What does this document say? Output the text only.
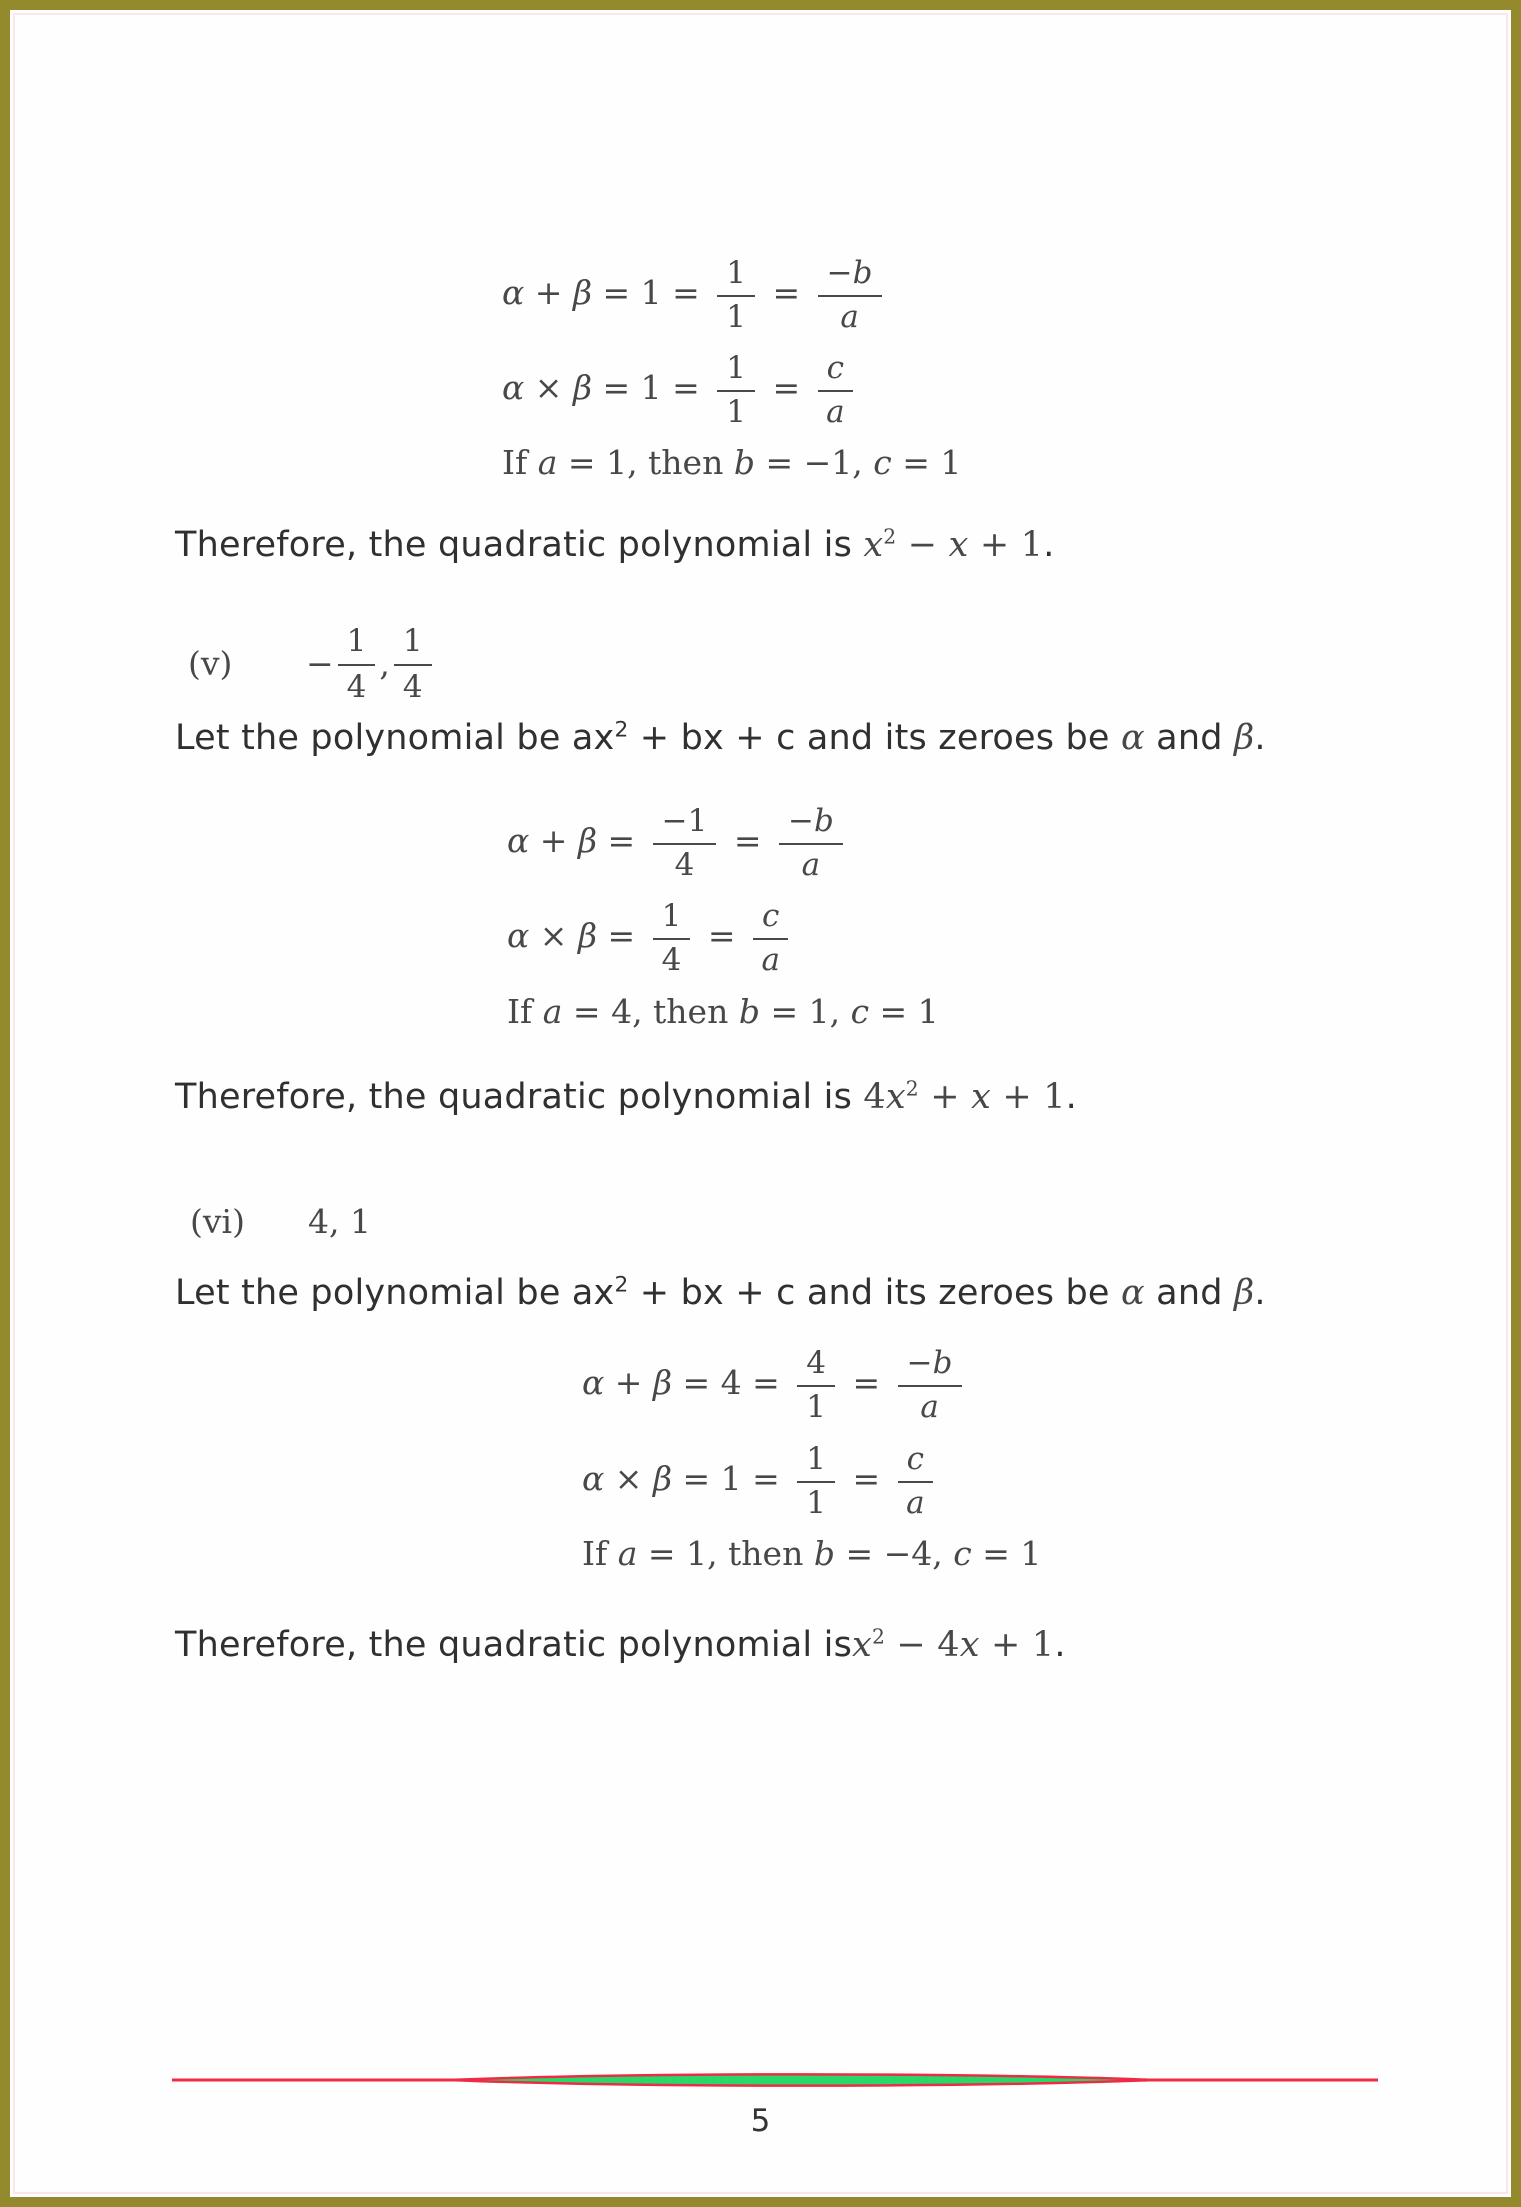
$\alpha + \beta = 1 = \frac{1}{1} = \frac{-b}{a}$
$\alpha \times \beta = 1 = \frac{1}{1} = \frac{c}{a}$
If a = 1, then b = −1, c = 1
Therefore, the quadratic polynomial is $x^2 - x + 1$.
(v)	− $\frac{1}{4}$ , $\frac{1}{4}$
Let the polynomial be $ax^2$ + bx + c and its zeroes be α and β.
$\alpha + \beta = \frac{-1}{4} = \frac{-b}{a}$
$\alpha \times \beta = \frac{1}{4} = \frac{c}{a}$
If a = 4, then b = 1, c = 1
Therefore, the quadratic polynomial is $4x^2 + x + 1$.
(vi)	4, 1
Let the polynomial be $ax^2$ + bx + c and its zeroes be α and β.
$\alpha + \beta = 4 = \frac{4}{1} = \frac{-b}{a}$
$\alpha \times \beta = 1 = \frac{1}{1} = \frac{c}{a}$
If a = 1, then b = −4, c = 1
Therefore, the quadratic polynomial isx$^2$ − 4x + 1.
5
